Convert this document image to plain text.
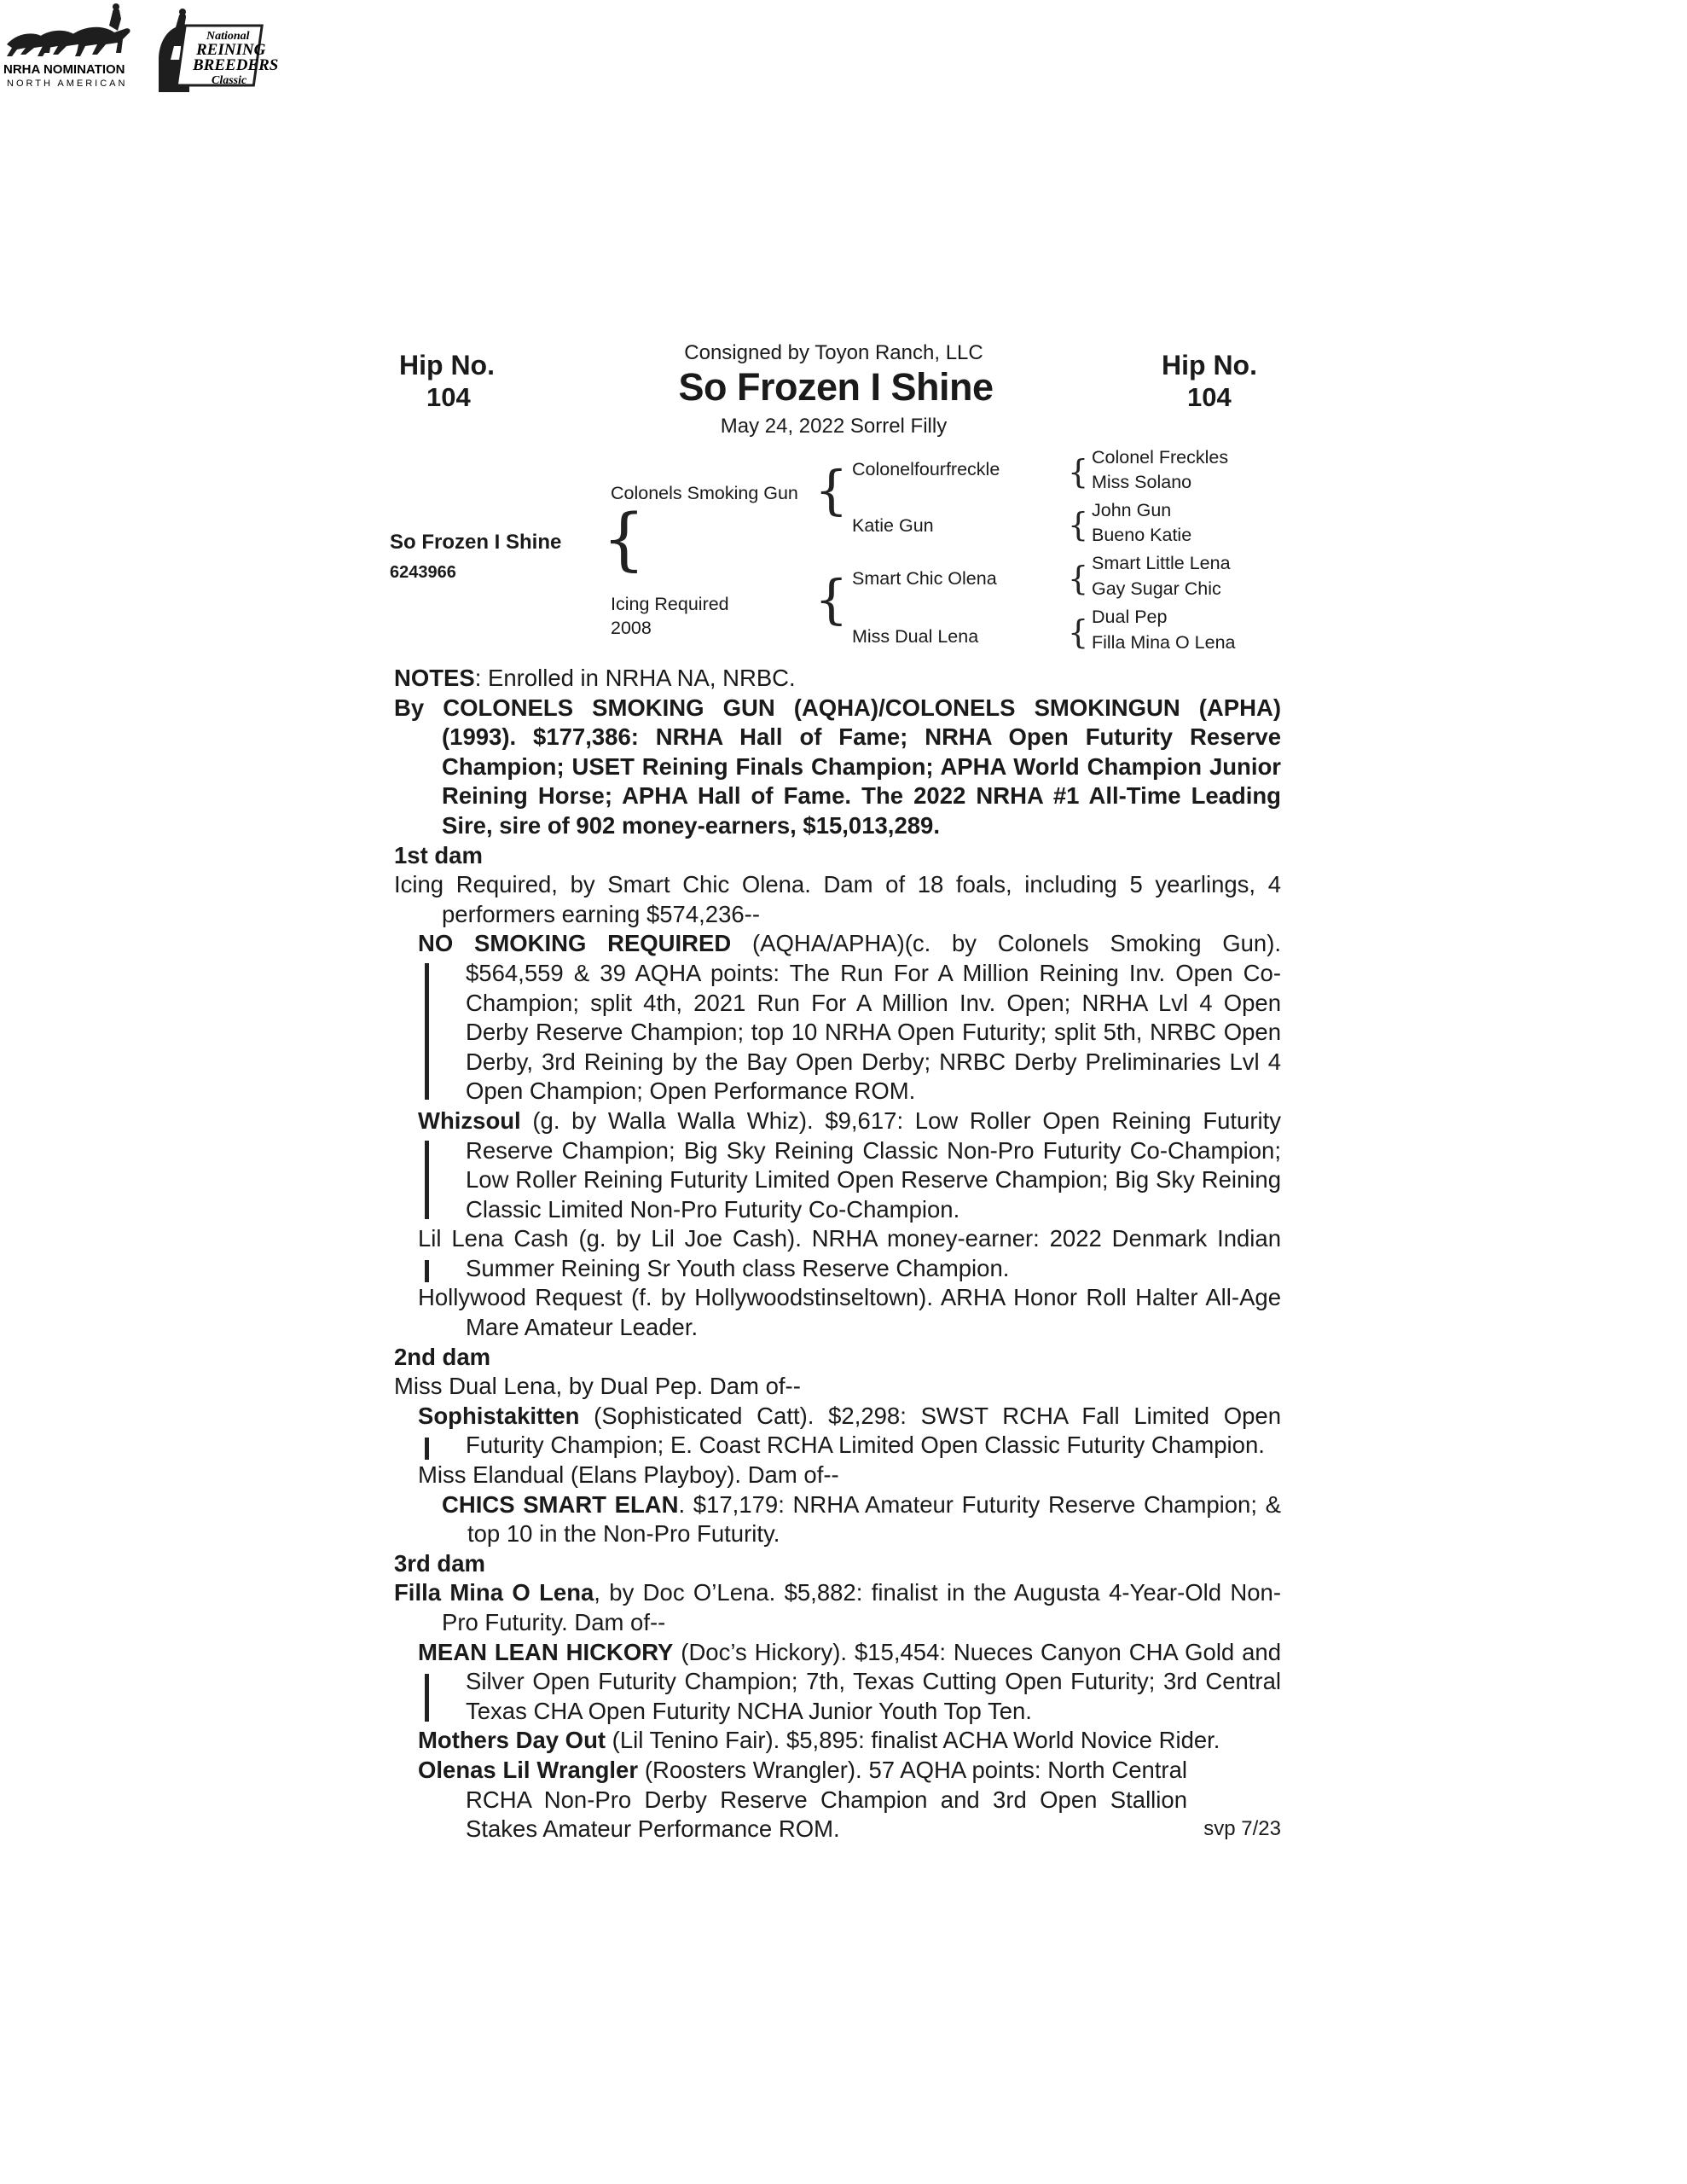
NRHA NOMINATION
NORTH AMERICAN

National
REINING
BREEDERS
Classic
Hip No.
104
Consigned by Toyon Ranch, LLC
So Frozen I Shine
May 24, 2022 Sorrel Filly
Hip No.
104
So Frozen I Shine
6243966 {
Colonels Smoking Gun
Icing Required
2008
{
{
Colonelfourfreckle
Katie Gun
Smart Chic Olena
Miss Dual Lena
{
{
{
{
Colonel Freckles
Miss Solano
John Gun
Bueno Katie
Smart Little Lena
Gay Sugar Chic
Dual Pep
Filla Mina O Lena

NOTES: Enrolled in NRHA NA, NRBC.

By COLONELS SMOKING GUN (AQHA)/COLONELS SMOKINGUN (APHA) (1993). $177,386: NRHA Hall of Fame; NRHA Open Futurity Reserve Champion; USET Reining Finals Champion; APHA World Champion Junior Reining Horse; APHA Hall of Fame. The 2022 NRHA #1 All-Time Leading Sire, sire of 902 money-earners, $15,013,289.

1st dam

Icing Required, by Smart Chic Olena. Dam of 18 foals, including 5 yearlings, 4 performers earning $574,236--

NO SMOKING REQUIRED (AQHA/APHA)(c. by Colonels Smoking Gun). $564,559 & 39 AQHA points: The Run For A Million Reining Inv. Open Co-Champion; split 4th, 2021 Run For A Million Inv. Open; NRHA Lvl 4 Open Derby Reserve Champion; top 10 NRHA Open Futurity; split 5th, NRBC Open Derby, 3rd Reining by the Bay Open Derby; NRBC Derby Preliminaries Lvl 4 Open Champion; Open Performance ROM.

Whizsoul (g. by Walla Walla Whiz). $9,617: Low Roller Open Reining Futurity Reserve Champion; Big Sky Reining Classic Non-Pro Futurity Co-Champion; Low Roller Reining Futurity Limited Open Reserve Champion; Big Sky Reining Classic Limited Non-Pro Futurity Co-Champion.

Lil Lena Cash (g. by Lil Joe Cash). NRHA money-earner: 2022 Denmark Indian Summer Reining Sr Youth class Reserve Champion.

Hollywood Request (f. by Hollywoodstinseltown). ARHA Honor Roll Halter All-Age Mare Amateur Leader.

2nd dam

Miss Dual Lena, by Dual Pep. Dam of--

Sophistakitten (Sophisticated Catt). $2,298: SWST RCHA Fall Limited Open Futurity Champion; E. Coast RCHA Limited Open Classic Futurity Champion.

Miss Elandual (Elans Playboy). Dam of--

CHICS SMART ELAN. $17,179: NRHA Amateur Futurity Reserve Champion; & top 10 in the Non-Pro Futurity.

3rd dam

Filla Mina O Lena, by Doc O’Lena. $5,882: finalist in the Augusta 4-Year-Old Non-Pro Futurity. Dam of--

MEAN LEAN HICKORY (Doc’s Hickory). $15,454: Nueces Canyon CHA Gold and Silver Open Futurity Champion; 7th, Texas Cutting Open Futurity; 3rd Central Texas CHA Open Futurity NCHA Junior Youth Top Ten.

Mothers Day Out (Lil Tenino Fair). $5,895: finalist ACHA World Novice Rider.

Olenas Lil Wrangler (Roosters Wrangler). 57 AQHA points: North Central RCHA Non-Pro Derby Reserve Champion and 3rd Open Stallion Stakes Amateur Performance ROM.	svp 7/23
